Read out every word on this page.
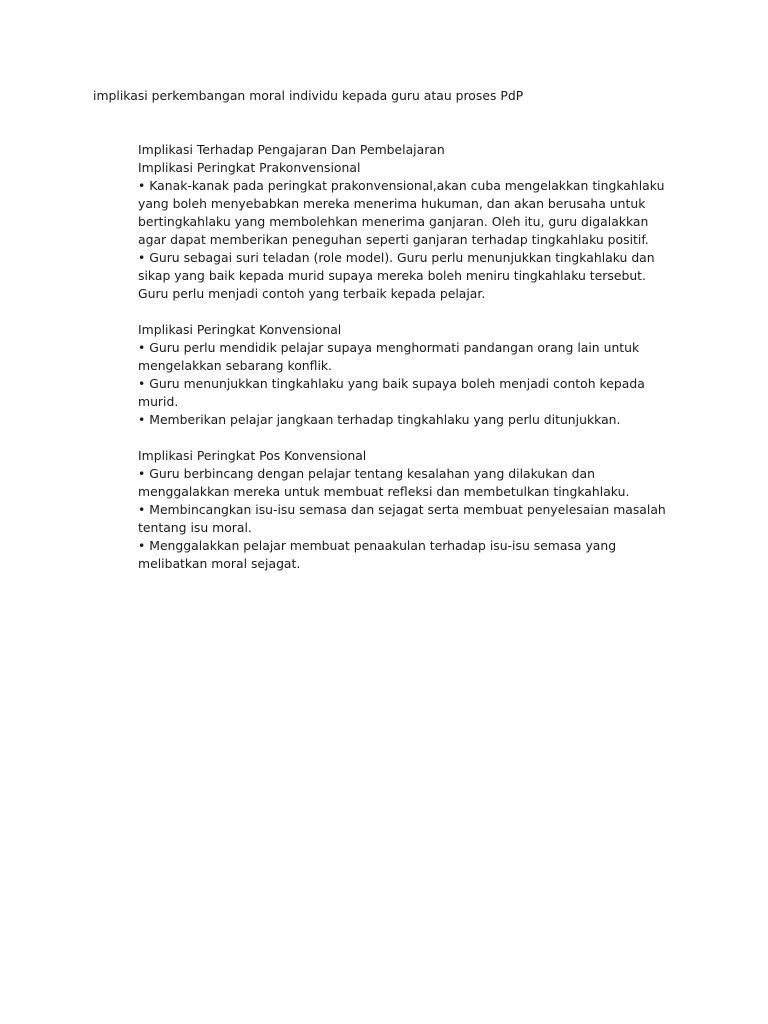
implikasi perkembangan moral individu kepada guru atau proses PdP
Implikasi Terhadap Pengajaran Dan Pembelajaran
Implikasi Peringkat Prakonvensional
• Kanak-kanak pada peringkat prakonvensional,akan cuba mengelakkan tingkahlaku
yang boleh menyebabkan mereka menerima hukuman, dan akan berusaha untuk
bertingkahlaku yang membolehkan menerima ganjaran. Oleh itu, guru digalakkan
agar dapat memberikan peneguhan seperti ganjaran terhadap tingkahlaku positif.
• Guru sebagai suri teladan (role model). Guru perlu menunjukkan tingkahlaku dan
sikap yang baik kepada murid supaya mereka boleh meniru tingkahlaku tersebut.
Guru perlu menjadi contoh yang terbaik kepada pelajar.
Implikasi Peringkat Konvensional
• Guru perlu mendidik pelajar supaya menghormati pandangan orang lain untuk
mengelakkan sebarang konflik.
• Guru menunjukkan tingkahlaku yang baik supaya boleh menjadi contoh kepada
murid.
• Memberikan pelajar jangkaan terhadap tingkahlaku yang perlu ditunjukkan.
Implikasi Peringkat Pos Konvensional
• Guru berbincang dengan pelajar tentang kesalahan yang dilakukan dan
menggalakkan mereka untuk membuat refleksi dan membetulkan tingkahlaku.
• Membincangkan isu-isu semasa dan sejagat serta membuat penyelesaian masalah
tentang isu moral.
• Menggalakkan pelajar membuat penaakulan terhadap isu-isu semasa yang
melibatkan moral sejagat.
